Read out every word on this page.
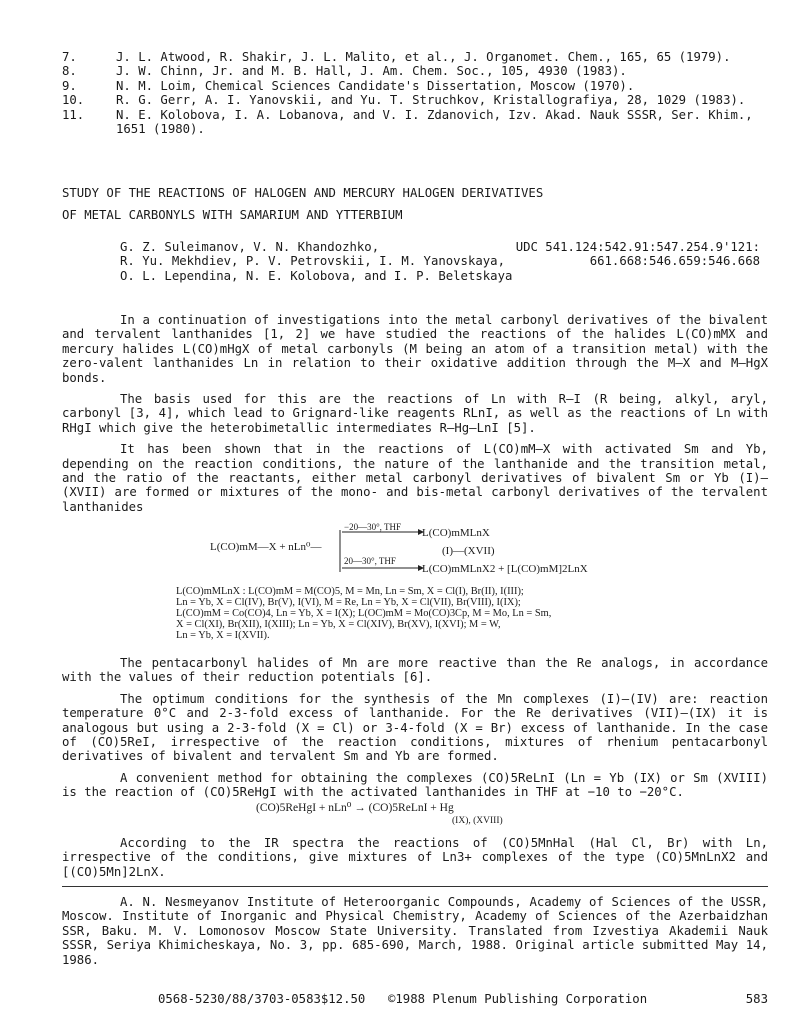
7.	J. L. Atwood, R. Shakir, J. L. Malito, et al., J. Organomet. Chem., 165, 65 (1979).
8.	J. W. Chinn, Jr. and M. B. Hall, J. Am. Chem. Soc., 105, 4930 (1983).
9.	N. M. Loim, Chemical Sciences Candidate's Dissertation, Moscow (1970).
10.	R. G. Gerr, A. I. Yanovskii, and Yu. T. Struchkov, Kristallografiya, 28, 1029 (1983).
11.	N. E. Kolobova, I. A. Lobanova, and V. I. Zdanovich, Izv. Akad. Nauk SSSR, Ser. Khim.,
1651 (1980).
STUDY OF THE REACTIONS OF HALOGEN AND MERCURY HALOGEN DERIVATIVES
OF METAL CARBONYLS WITH SAMARIUM AND YTTERBIUM
G. Z. Suleimanov, V. N. Khandozhko,	UDC 541.124:542.91:547.254.9'121:
R. Yu. Mekhdiev, P. V. Petrovskii, I. M. Yanovskaya,	661.668:546.659:546.668
O. L. Lependina, N. E. Kolobova, and I. P. Beletskaya

In a continuation of investigations into the metal carbonyl derivatives of the bivalent and tervalent lanthanides [1, 2] we have studied the reactions of the halides L(CO)mMX and mercury halides L(CO)mHgX of metal carbonyls (M being an atom of a transition metal) with the zero-valent lanthanides Ln in relation to their oxidative addition through the M–X and M–HgX bonds.

The basis used for this are the reactions of Ln with R–I (R being, alkyl, aryl, carbonyl [3, 4], which lead to Grignard-like reagents RLnI, as well as the reactions of Ln with RHgI which give the heterobimetallic intermediates R–Hg–LnI [5].

It has been shown that in the reactions of L(CO)mM–X with activated Sm and Yb, depending on the reaction conditions, the nature of the lanthanide and the transition metal, and the ratio of the reactants, either metal carbonyl derivatives of bivalent Sm or Yb (I)–(XVII) are formed or mixtures of the mono- and bis-metal carbonyl derivatives of the tervalent lanthanides

L(CO)mM—X + nLn⁰—
−20—30°, THF
20—30°, THF
L(CO)mMLnX
(I)—(XVII)
L(CO)mMLnX2 + [L(CO)mM]2LnX
L(CO)mMLnX : L(CO)mM = M(CO)5, M = Mn, Ln = Sm, X = Cl(I), Br(II), I(III);
Ln = Yb, X = Cl(IV), Br(V), I(VI), M = Re, Ln = Yb, X = Cl(VII), Br(VIII), I(IX);
L(CO)mM = Co(CO)4, Ln = Yb, X = I(X); L(OC)mM = Mo(CO)3Cp, M = Mo, Ln = Sm,
X = Cl(XI), Br(XII), I(XIII); Ln = Yb, X = Cl(XIV), Br(XV), I(XVI); M = W,
Ln = Yb, X = I(XVII).

The pentacarbonyl halides of Mn are more reactive than the Re analogs, in accordance with the values of their reduction potentials [6].

The optimum conditions for the synthesis of the Mn complexes (I)–(IV) are: reaction temperature 0°C and 2-3-fold excess of lanthanide. For the Re derivatives (VII)–(IX) it is analogous but using a 2-3-fold (X = Cl) or 3-4-fold (X = Br) excess of lanthanide. In the case of (CO)5ReI, irrespective of the reaction conditions, mixtures of rhenium pentacarbonyl derivatives of bivalent and tervalent Sm and Yb are formed.

A convenient method for obtaining the complexes (CO)5ReLnI (Ln = Yb (IX) or Sm (XVIII) is the reaction of (CO)5ReHgI with the activated lanthanides in THF at −10 to −20°C.

(CO)5ReHgI + nLn⁰ → (CO)5ReLnI + Hg
(IX), (XVIII)

According to the IR spectra the reactions of (CO)5MnHal (Hal Cl, Br) with Ln, irrespective of the conditions, give mixtures of Ln3+ complexes of the type (CO)5MnLnX2 and [(CO)5Mn]2LnX.

A. N. Nesmeyanov Institute of Heteroorganic Compounds, Academy of Sciences of the USSR, Moscow. Institute of Inorganic and Physical Chemistry, Academy of Sciences of the Azerbaidzhan SSR, Baku. M. V. Lomonosov Moscow State University. Translated from Izvestiya Akademii Nauk SSSR, Seriya Khimicheskaya, No. 3, pp. 685-690, March, 1988. Original article submitted May 14, 1986.

0568-5230/88/3703-0583$12.50	©1988 Plenum Publishing Corporation	583
